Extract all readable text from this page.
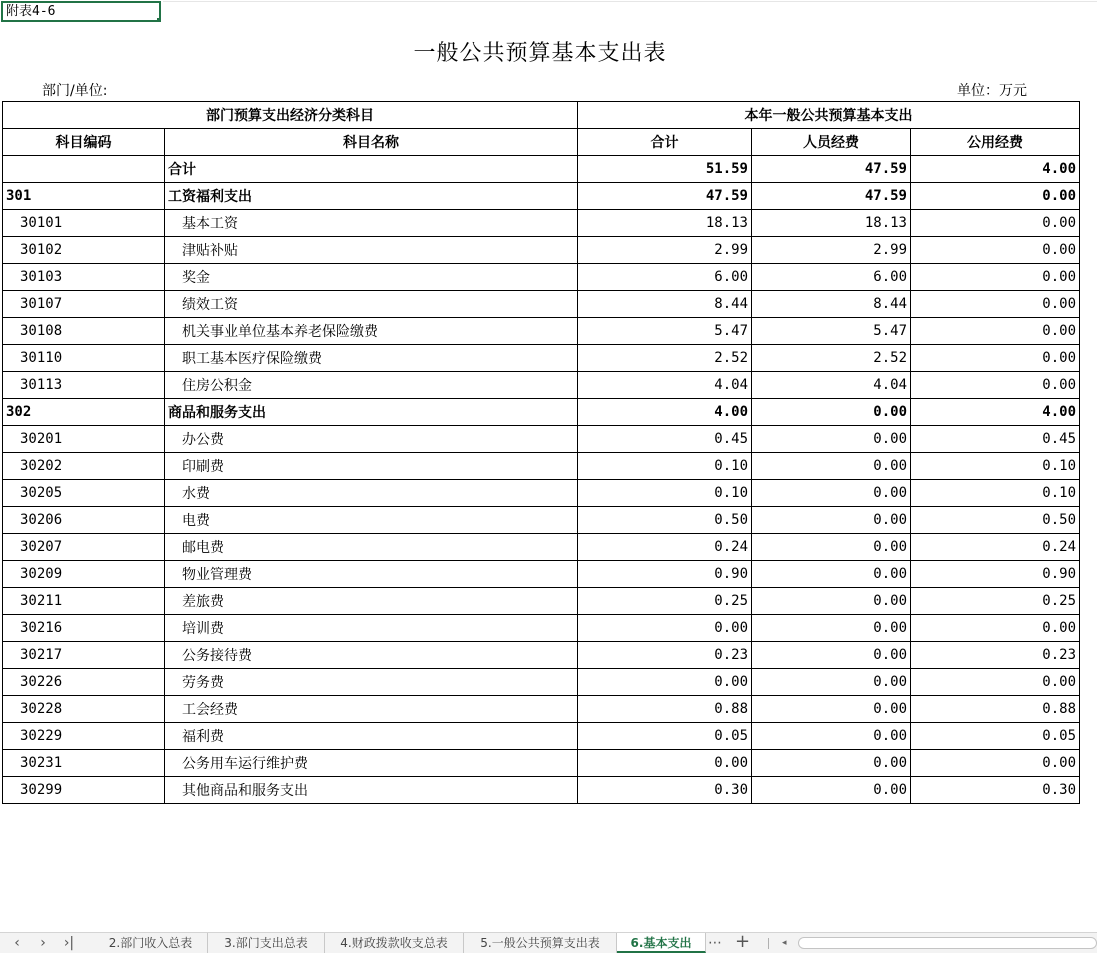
附表4-6
一般公共预算基本支出表
部门/单位:	单位：万元
部门预算支出经济分类科目		本年一般公共预算基本支出		
科目编码	科目名称	合计	人员经费	公用经费
	合计	51.59	47.59	4.00
301	工资福利支出	47.59	47.59	0.00
30101	基本工资	18.13	18.13	0.00
30102	津贴补贴	2.99	2.99	0.00
30103	奖金	6.00	6.00	0.00
30107	绩效工资	8.44	8.44	0.00
30108	机关事业单位基本养老保险缴费	5.47	5.47	0.00
30110	职工基本医疗保险缴费	2.52	2.52	0.00
30113	住房公积金	4.04	4.04	0.00
302	商品和服务支出	4.00	0.00	4.00
30201	办公费	0.45	0.00	0.45
30202	印刷费	0.10	0.00	0.10
30205	水费	0.10	0.00	0.10
30206	电费	0.50	0.00	0.50
30207	邮电费	0.24	0.00	0.24
30209	物业管理费	0.90	0.00	0.90
30211	差旅费	0.25	0.00	0.25
30216	培训费	0.00	0.00	0.00
30217	公务接待费	0.23	0.00	0.23
30226	劳务费	0.00	0.00	0.00
30228	工会经费	0.88	0.00	0.88
30229	福利费	0.05	0.00	0.05
30231	公务用车运行维护费	0.00	0.00	0.00
30299	其他商品和服务支出	0.30	0.00	0.30
‹	›	›|	2.部门收入总表	3.部门支出总表	4.财政拨款收支总表	5.一般公共预算支出表	6.基本支出	⋯ +	◂
